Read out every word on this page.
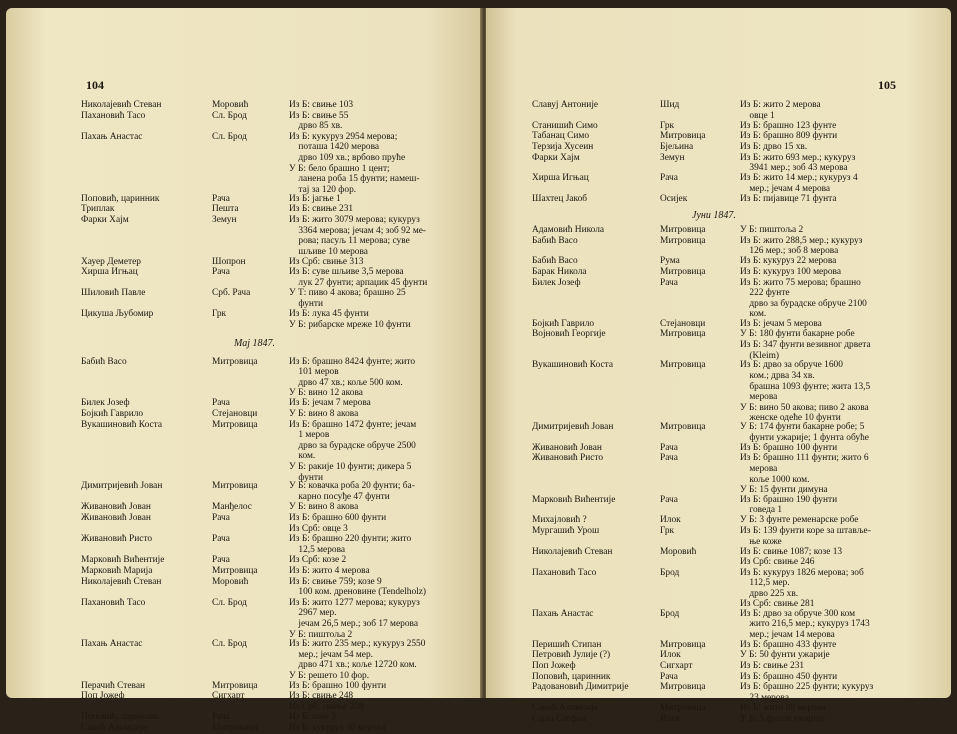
104
Николајевић Стеван	Моровић	Из Б: свиње 103
Пахановић Тасо	Сл. Брод	Из Б: свиње 55
дрво 85 хв.
Пахањ Анастас	Сл. Брод	Из Б: кукуруз 2954 мерова;
поташа 1420 мерова
дрво 109 хв.; врбово пруће
У Б: бело брашно 1 цент;
ланена роба 15 фунти; намеш-
тај за 120 фор.
Поповић, царинник	Рача	Из Б: јагње 1
Триплак	Пешта	Из Б: свиње 231
Фарки Хајм	Земун	Из Б: жито 3079 мерова; кукуруз
3364 мерова; јечам 4; зоб 92 ме-
рова; пасуљ 11 мерова; суве
шљиве 10 мерова
Хауер Деметер	Шопрон	Из Срб: свиње 313
Хирша Игњац	Рача	Из Б: суве шљиве 3,5 мерова
лук 27 фунти; арпаџик 45 фунти
Шиловић Павле	Срб. Рача	У Т: пиво 4 акова; брашно 25
фунти
Цикуша Љубомир	Грк	Из Б: лука 45 фунти
У Б: рибарске мреже 10 фунти
Мај 1847.
Бабић Васо	Митровица	Из Б: брашно 8424 фунте; жито
101 меров
дрво 47 хв.; коље 500 ком.
У Б: вино 12 акова
Билек Јозеф	Рача	Из Б: јечам 7 мерова
Бојкић Гаврило	Стејановци	У Б: вино 8 акова
Вукашиновић Коста	Митровица	Из Б: брашно 1472 фунте; јечам
1 меров
дрво за бурадске обруче 2500
ком.
У Б: ракије 10 фунти; дикера 5
фунти
Димитријевић Јован	Митровица	У Б: ковачка роба 20 фунти; ба-
карно посуђе 47 фунти
Живановић Јован	Манђелос	У Б: вино 8 акова
Живановић Јован	Рача	Из Б: брашно 600 фунти
Из Срб: овце 3
Живановић Ристо	Рача	Из Б: брашно 220 фунти; жито
12,5 мерова
Марковић Вићентије	Рача	Из Срб: козе 2
Марковић Марија	Митровица	Из Б: жито 4 мерова
Николајевић Стеван	Моровић	Из Б: свиње 759; козе 9
100 ком. дреновине (Tendelholz)
Пахановић Тасо	Сл. Брод	Из Б: жито 1277 мерова; кукуруз
2967 мер.
јечам 26,5 мер.; зоб 17 мерова
У Б: пиштоља 2
Пахањ Анастас	Сл. Брод	Из Б: жито 235 мер.; кукуруз 2550
мер.; јечам 54 мер.
дрво 471 хв.; коље 12720 ком.
У Б: решето 10 фор.
Перачић Стеван	Митровица	Из Б: брашно 100 фунти
Поп Јожеф	Сигхарт	Из Б: свиње 248
Из Срб: свиње 208
Поповић, царинник	Рача	Из Б: козе 3
Савић Алимпије	Митровица	Из Б: кукуруз 36 мерова
105
Славуј Антоније	Шид	Из Б: жито 2 мерова
овце 1
Станишић Симо	Грк	Из Б: брашно 123 фунте
Табанац Симо	Митровица	Из Б: брашно 809 фунти
Терзија Хусеин	Бјељина	Из Б: дрво 15 хв.
Фарки Хајм	Земун	Из Б: жито 693 мер.; кукуруз
3941 мер.; зоб 43 мерова
Хирша Игњац	Рача	Из Б: жито 14 мер.; кукуруз 4
мер.; јечам 4 мерова
Шахтец Јакоб	Осијек	Из Б: пијавице 71 фунта
Јуни 1847.
Адамовић Никола	Митровица	У Б: пиштоља 2
Бабић Васо	Митровица	Из Б: жито 288,5 мер.; кукуруз
126 мер.; зоб 8 мерова
Бабић Васо	Рума	Из Б: кукуруз 22 мерова
Барак Никола	Митровица	Из Б: кукуруз 100 мерова
Билек Јозеф	Рача	Из Б: жито 75 мерова; брашно
222 фунте
дрво за бурадске обруче 2100
ком.
Бојкић Гаврило	Стејановци	Из Б: јечам 5 мерова
Војновић Георгије	Митровица	У Б: 180 фунти бакарне робе
Из Б: 347 фунти везивног дрвета
(Kleim)
Вукашиновић Коста	Митровица	Из Б: дрво за обруче 1600
ком.; дрва 34 хв.
брашна 1093 фунте; жита 13,5
мерова
У Б: вино 50 акова; пиво 2 акова
женске одеће 10 фунти
Димитријевић Јован	Митровица	У Б: 174 фунти бакарне робе; 5
фунти ужарије; 1 фунта обуће
Живановић Јован	Рача	Из Б: брашно 100 фунти
Живановић Ристо	Рача	Из Б: брашно 111 фунти; жито 6
мерова
коље 1000 ком.
У Б: 15 фунти димуна
Марковић Вићентије	Рача	Из Б: брашно 190 фунти
говеда 1
Михајловић ?	Илок	У Б: 3 фунте ременарске робе
Мургашић Урош	Грк	Из Б: 139 фунти коре за штавље-
ње коже
Николајевић Стеван	Моровић	Из Б: свиње 1087; козе 13
Из Срб: свиње 246
Пахановић Тасо	Брод	Из Б: кукуруз 1826 мерова; зоб
112,5 мер.
дрво 225 хв.
Из Срб: свиње 281
Пахањ Анастас	Брод	Из Б: дрво за обруче 300 ком
жито 216,5 мер.; кукуруз 1743
мер.; јечам 14 мерова
Перишић Стипан	Митровица	Из Б: брашно 433 фунте
Петровић Јулије (?)	Илок	У Б: 50 фунти ужарије
Поп Јожеф	Сигхарт	Из Б: свиње 231
Поповић, царинник	Рача	Из Б: брашно 450 фунти
Радовановић Димитрије	Митровица	Из Б: брашно 225 фунти; кукуруз
23 мерова
Савић Алимпије	Митровица	Из Б: жито 88 мерова
Сајла Стефан	Илок	У Б: 5 фунти ужарије
